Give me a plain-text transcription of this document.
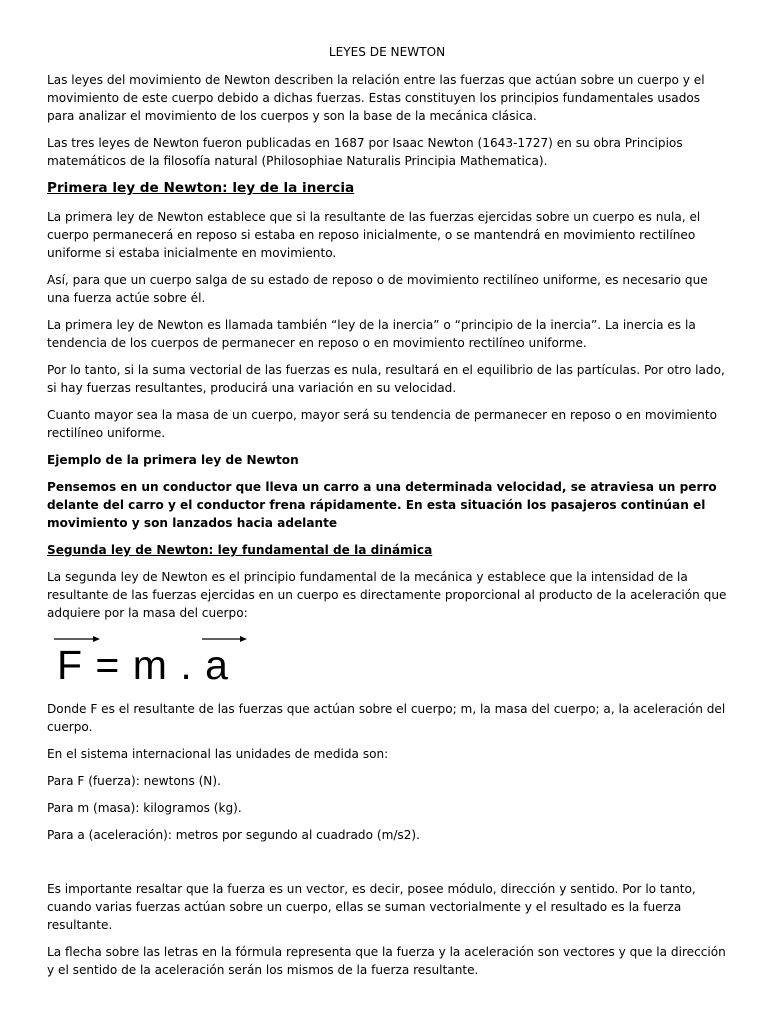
LEYES DE NEWTON

Las leyes del movimiento de Newton describen la relación entre las fuerzas que actúan sobre un cuerpo y el movimiento de este cuerpo debido a dichas fuerzas. Estas constituyen los principios fundamentales usados para analizar el movimiento de los cuerpos y son la base de la mecánica clásica.

Las tres leyes de Newton fueron publicadas en 1687 por Isaac Newton (1643-1727) en su obra Principios matemáticos de la filosofía natural (Philosophiae Naturalis Principia Mathematica).

Primera ley de Newton: ley de la inercia

La primera ley de Newton establece que si la resultante de las fuerzas ejercidas sobre un cuerpo es nula, el cuerpo permanecerá en reposo si estaba en reposo inicialmente, o se mantendrá en movimiento rectilíneo uniforme si estaba inicialmente en movimiento.

Así, para que un cuerpo salga de su estado de reposo o de movimiento rectilíneo uniforme, es necesario que una fuerza actúe sobre él.

La primera ley de Newton es llamada también “ley de la inercia” o “principio de la inercia”. La inercia es la tendencia de los cuerpos de permanecer en reposo o en movimiento rectilíneo uniforme.

Por lo tanto, si la suma vectorial de las fuerzas es nula, resultará en el equilibrio de las partículas. Por otro lado, si hay fuerzas resultantes, producirá una variación en su velocidad.

Cuanto mayor sea la masa de un cuerpo, mayor será su tendencia de permanecer en reposo o en movimiento rectilíneo uniforme.

Ejemplo de la primera ley de Newton

Pensemos en un conductor que lleva un carro a una determinada velocidad, se atraviesa un perro delante del carro y el conductor frena rápidamente. En esta situación los pasajeros continúan el movimiento y son lanzados hacia adelante

Segunda ley de Newton: ley fundamental de la dinámica

La segunda ley de Newton es el principio fundamental de la mecánica y establece que la intensidad de la resultante de las fuerzas ejercidas en un cuerpo es directamente proporcional al producto de la aceleración que adquiere por la masa del cuerpo:

F = m . a

Donde F es el resultante de las fuerzas que actúan sobre el cuerpo; m, la masa del cuerpo; a, la aceleración del cuerpo.

En el sistema internacional las unidades de medida son:

Para F (fuerza): newtons (N).

Para m (masa): kilogramos (kg).

Para a (aceleración): metros por segundo al cuadrado (m/s2).

Es importante resaltar que la fuerza es un vector, es decir, posee módulo, dirección y sentido. Por lo tanto, cuando varias fuerzas actúan sobre un cuerpo, ellas se suman vectorialmente y el resultado es la fuerza resultante.

La flecha sobre las letras en la fórmula representa que la fuerza y la aceleración son vectores y que la dirección y el sentido de la aceleración serán los mismos de la fuerza resultante.
